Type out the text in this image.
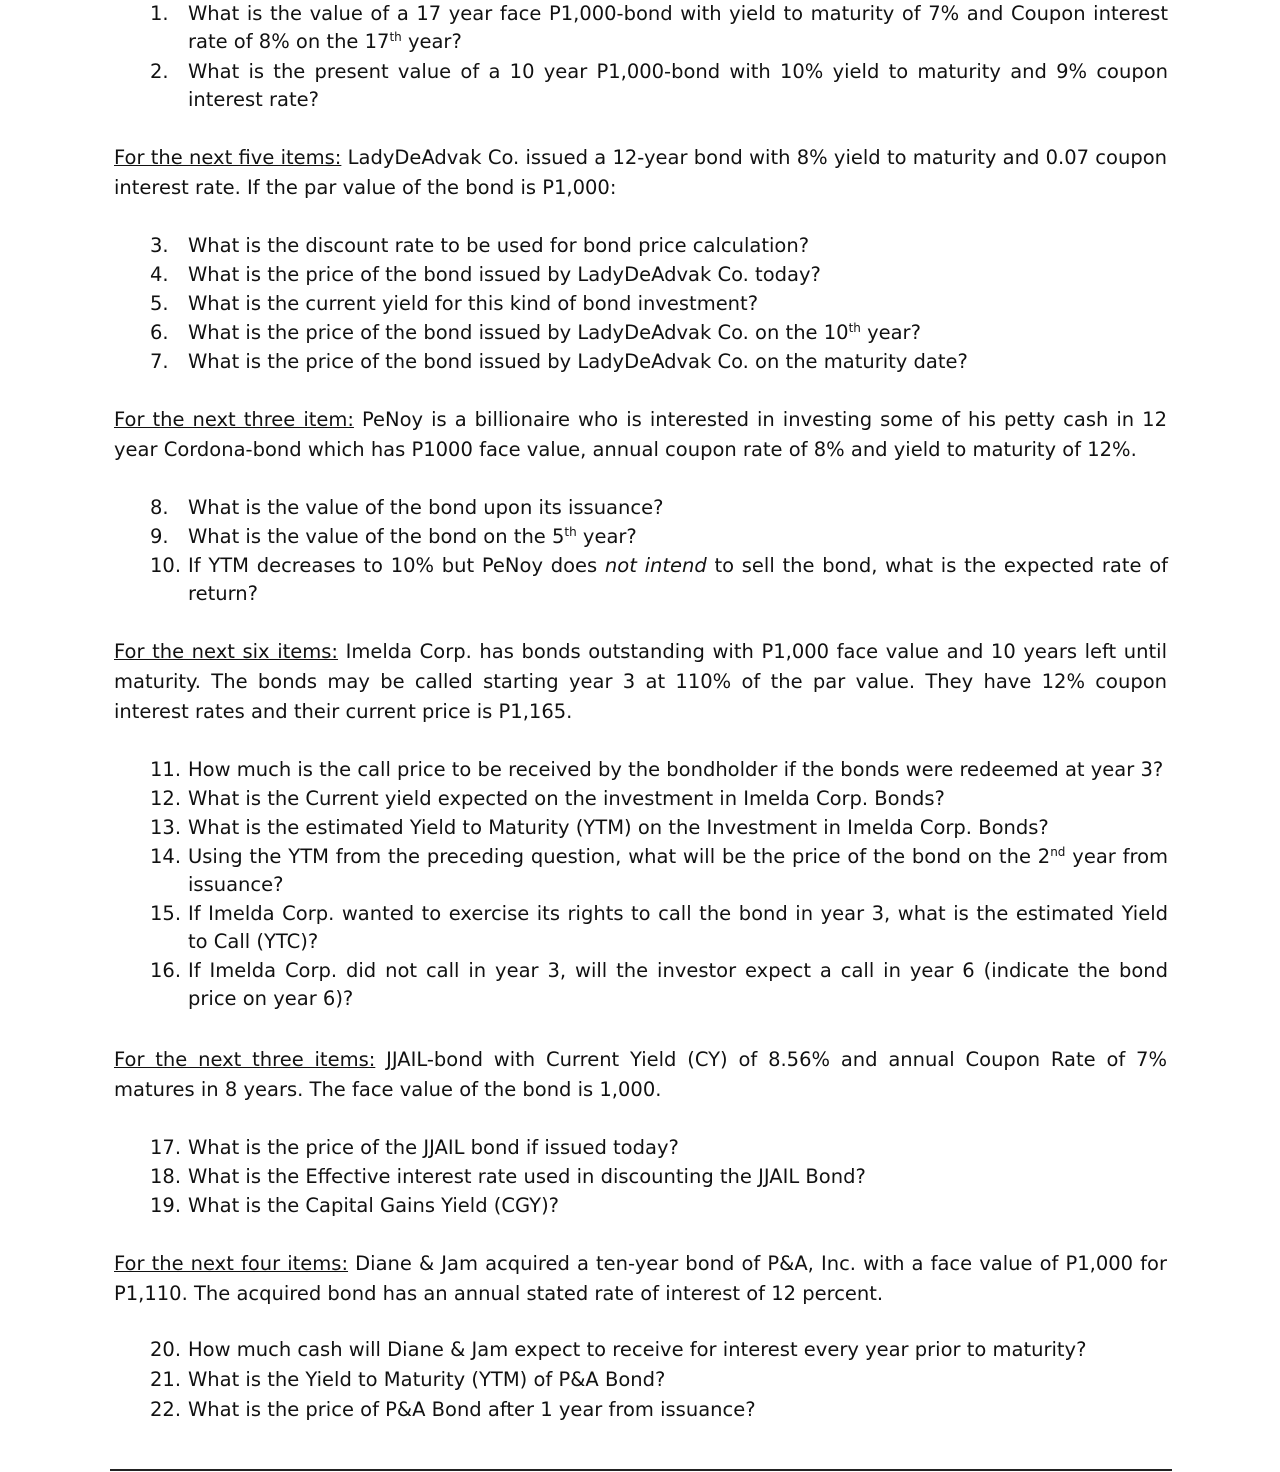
1. What is the value of a 17 year face P1,000-bond with yield to maturity of 7% and Coupon interest rate of 8% on the 17th year?
2. What is the present value of a 10 year P1,000-bond with 10% yield to maturity and 9% coupon interest rate?

For the next five items: LadyDeAdvak Co. issued a 12-year bond with 8% yield to maturity and 0.07 coupon interest rate. If the par value of the bond is P1,000:

3. What is the discount rate to be used for bond price calculation?
4. What is the price of the bond issued by LadyDeAdvak Co. today?
5. What is the current yield for this kind of bond investment?
6. What is the price of the bond issued by LadyDeAdvak Co. on the 10th year?
7. What is the price of the bond issued by LadyDeAdvak Co. on the maturity date?

For the next three item: PeNoy is a billionaire who is interested in investing some of his petty cash in 12 year Cordona-bond which has P1000 face value, annual coupon rate of 8% and yield to maturity of 12%.

8. What is the value of the bond upon its issuance?
9. What is the value of the bond on the 5th year?
10. If YTM decreases to 10% but PeNoy does not intend to sell the bond, what is the expected rate of return?

For the next six items: Imelda Corp. has bonds outstanding with P1,000 face value and 10 years left until maturity. The bonds may be called starting year 3 at 110% of the par value. They have 12% coupon interest rates and their current price is P1,165.

11. How much is the call price to be received by the bondholder if the bonds were redeemed at year 3?
12. What is the Current yield expected on the investment in Imelda Corp. Bonds?
13. What is the estimated Yield to Maturity (YTM) on the Investment in Imelda Corp. Bonds?
14. Using the YTM from the preceding question, what will be the price of the bond on the 2nd year from issuance?
15. If Imelda Corp. wanted to exercise its rights to call the bond in year 3, what is the estimated Yield to Call (YTC)?
16. If Imelda Corp. did not call in year 3, will the investor expect a call in year 6 (indicate the bond price on year 6)?

For the next three items: JJAIL-bond with Current Yield (CY) of 8.56% and annual Coupon Rate of 7% matures in 8 years. The face value of the bond is 1,000.

17. What is the price of the JJAIL bond if issued today?
18. What is the Effective interest rate used in discounting the JJAIL Bond?
19. What is the Capital Gains Yield (CGY)?

For the next four items: Diane & Jam acquired a ten-year bond of P&A, Inc. with a face value of P1,000 for P1,110. The acquired bond has an annual stated rate of interest of 12 percent.

20. How much cash will Diane & Jam expect to receive for interest every year prior to maturity?
21. What is the Yield to Maturity (YTM) of P&A Bond?
22. What is the price of P&A Bond after 1 year from issuance?
